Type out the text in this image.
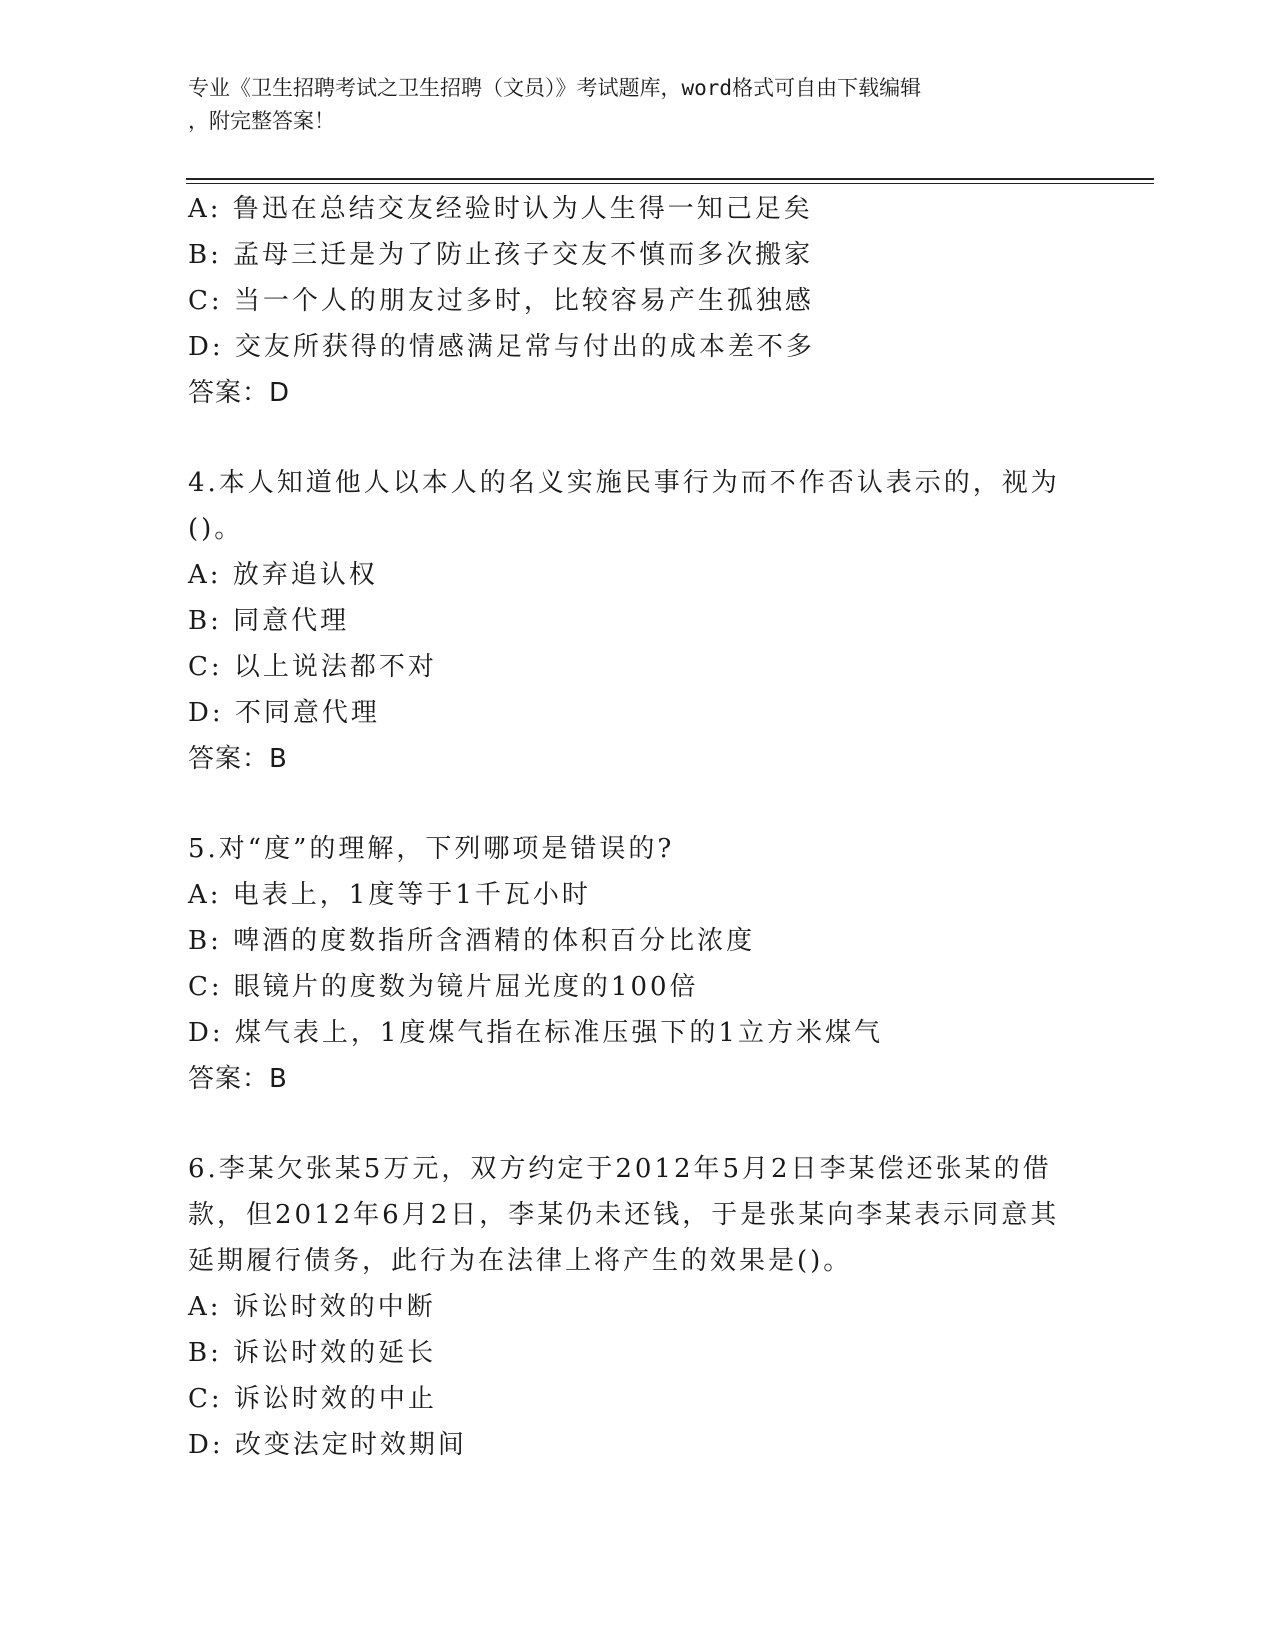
专业《卫生招聘考试之卫生招聘（文员）》考试题库，word格式可自由下载编辑
，附完整答案！
A: 鲁迅在总结交友经验时认为人生得一知己足矣
B: 孟母三迁是为了防止孩子交友不慎而多次搬家
C: 当一个人的朋友过多时，比较容易产生孤独感
D: 交友所获得的情感满足常与付出的成本差不多
答案：D
4.本人知道他人以本人的名义实施民事行为而不作否认表示的，视为
()。
A: 放弃追认权
B: 同意代理
C: 以上说法都不对
D: 不同意代理
答案：B
5.对“度”的理解，下列哪项是错误的?
A: 电表上，1度等于1千瓦小时
B: 啤酒的度数指所含酒精的体积百分比浓度
C: 眼镜片的度数为镜片屈光度的100倍
D: 煤气表上，1度煤气指在标准压强下的1立方米煤气
答案：B
6.李某欠张某5万元，双方约定于2012年5月2日李某偿还张某的借
款，但2012年6月2日，李某仍未还钱，于是张某向李某表示同意其
延期履行债务，此行为在法律上将产生的效果是()。
A: 诉讼时效的中断
B: 诉讼时效的延长
C: 诉讼时效的中止
D: 改变法定时效期间
